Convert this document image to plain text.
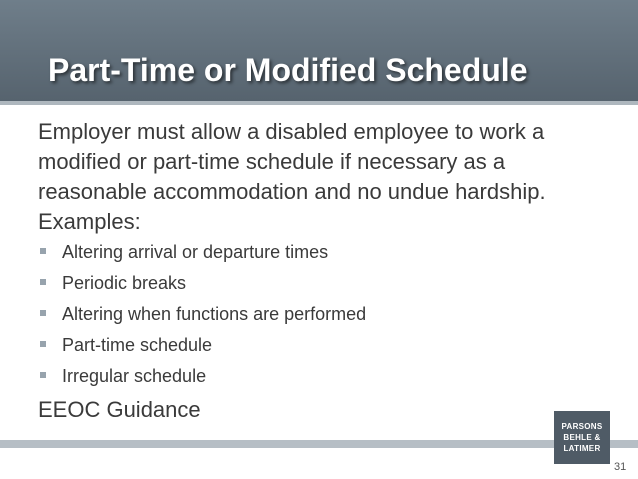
Part-Time or Modified Schedule
Employer must allow a disabled employee to work a modified or part-time schedule if necessary as a reasonable accommodation and no undue hardship. Examples:
Altering arrival or departure times
Periodic breaks
Altering when functions are performed
Part-time schedule
Irregular schedule
EEOC Guidance
PARSONS
BEHLE &
LATIMER
31
